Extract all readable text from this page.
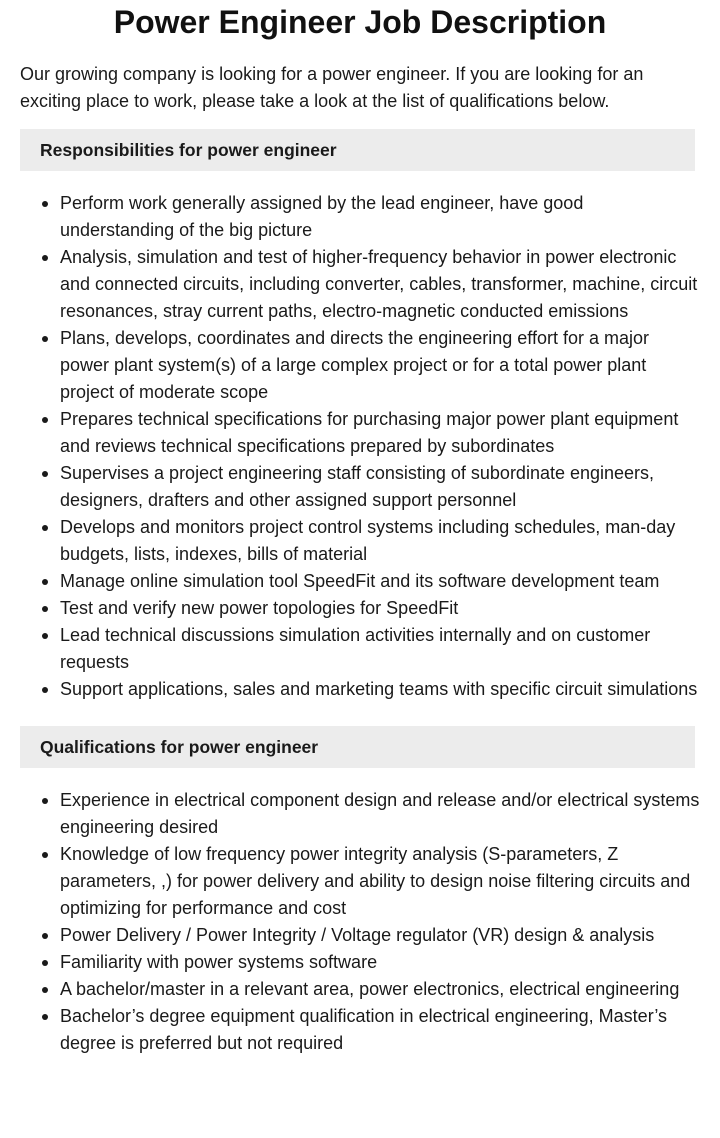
Power Engineer Job Description

Our growing company is looking for a power engineer. If you are looking for an exciting place to work, please take a look at the list of qualifications below.

Responsibilities for power engineer
Perform work generally assigned by the lead engineer, have good understanding of the big picture
Analysis, simulation and test of higher-frequency behavior in power electronic and connected circuits, including converter, cables, transformer, machine, circuit resonances, stray current paths, electro-magnetic conducted emissions
Plans, develops, coordinates and directs the engineering effort for a major power plant system(s) of a large complex project or for a total power plant project of moderate scope
Prepares technical specifications for purchasing major power plant equipment and reviews technical specifications prepared by subordinates
Supervises a project engineering staff consisting of subordinate engineers, designers, drafters and other assigned support personnel
Develops and monitors project control systems including schedules, man-day budgets, lists, indexes, bills of material
Manage online simulation tool SpeedFit and its software development team
Test and verify new power topologies for SpeedFit
Lead technical discussions simulation activities internally and on customer requests
Support applications, sales and marketing teams with specific circuit simulations
Qualifications for power engineer
Experience in electrical component design and release and/or electrical systems engineering desired
Knowledge of low frequency power integrity analysis (S-parameters, Z parameters, ,) for power delivery and ability to design noise filtering circuits and optimizing for performance and cost
Power Delivery / Power Integrity / Voltage regulator (VR) design & analysis
Familiarity with power systems software
A bachelor/master in a relevant area, power electronics, electrical engineering
Bachelor’s degree equipment qualification in electrical engineering, Master’s degree is preferred but not required
